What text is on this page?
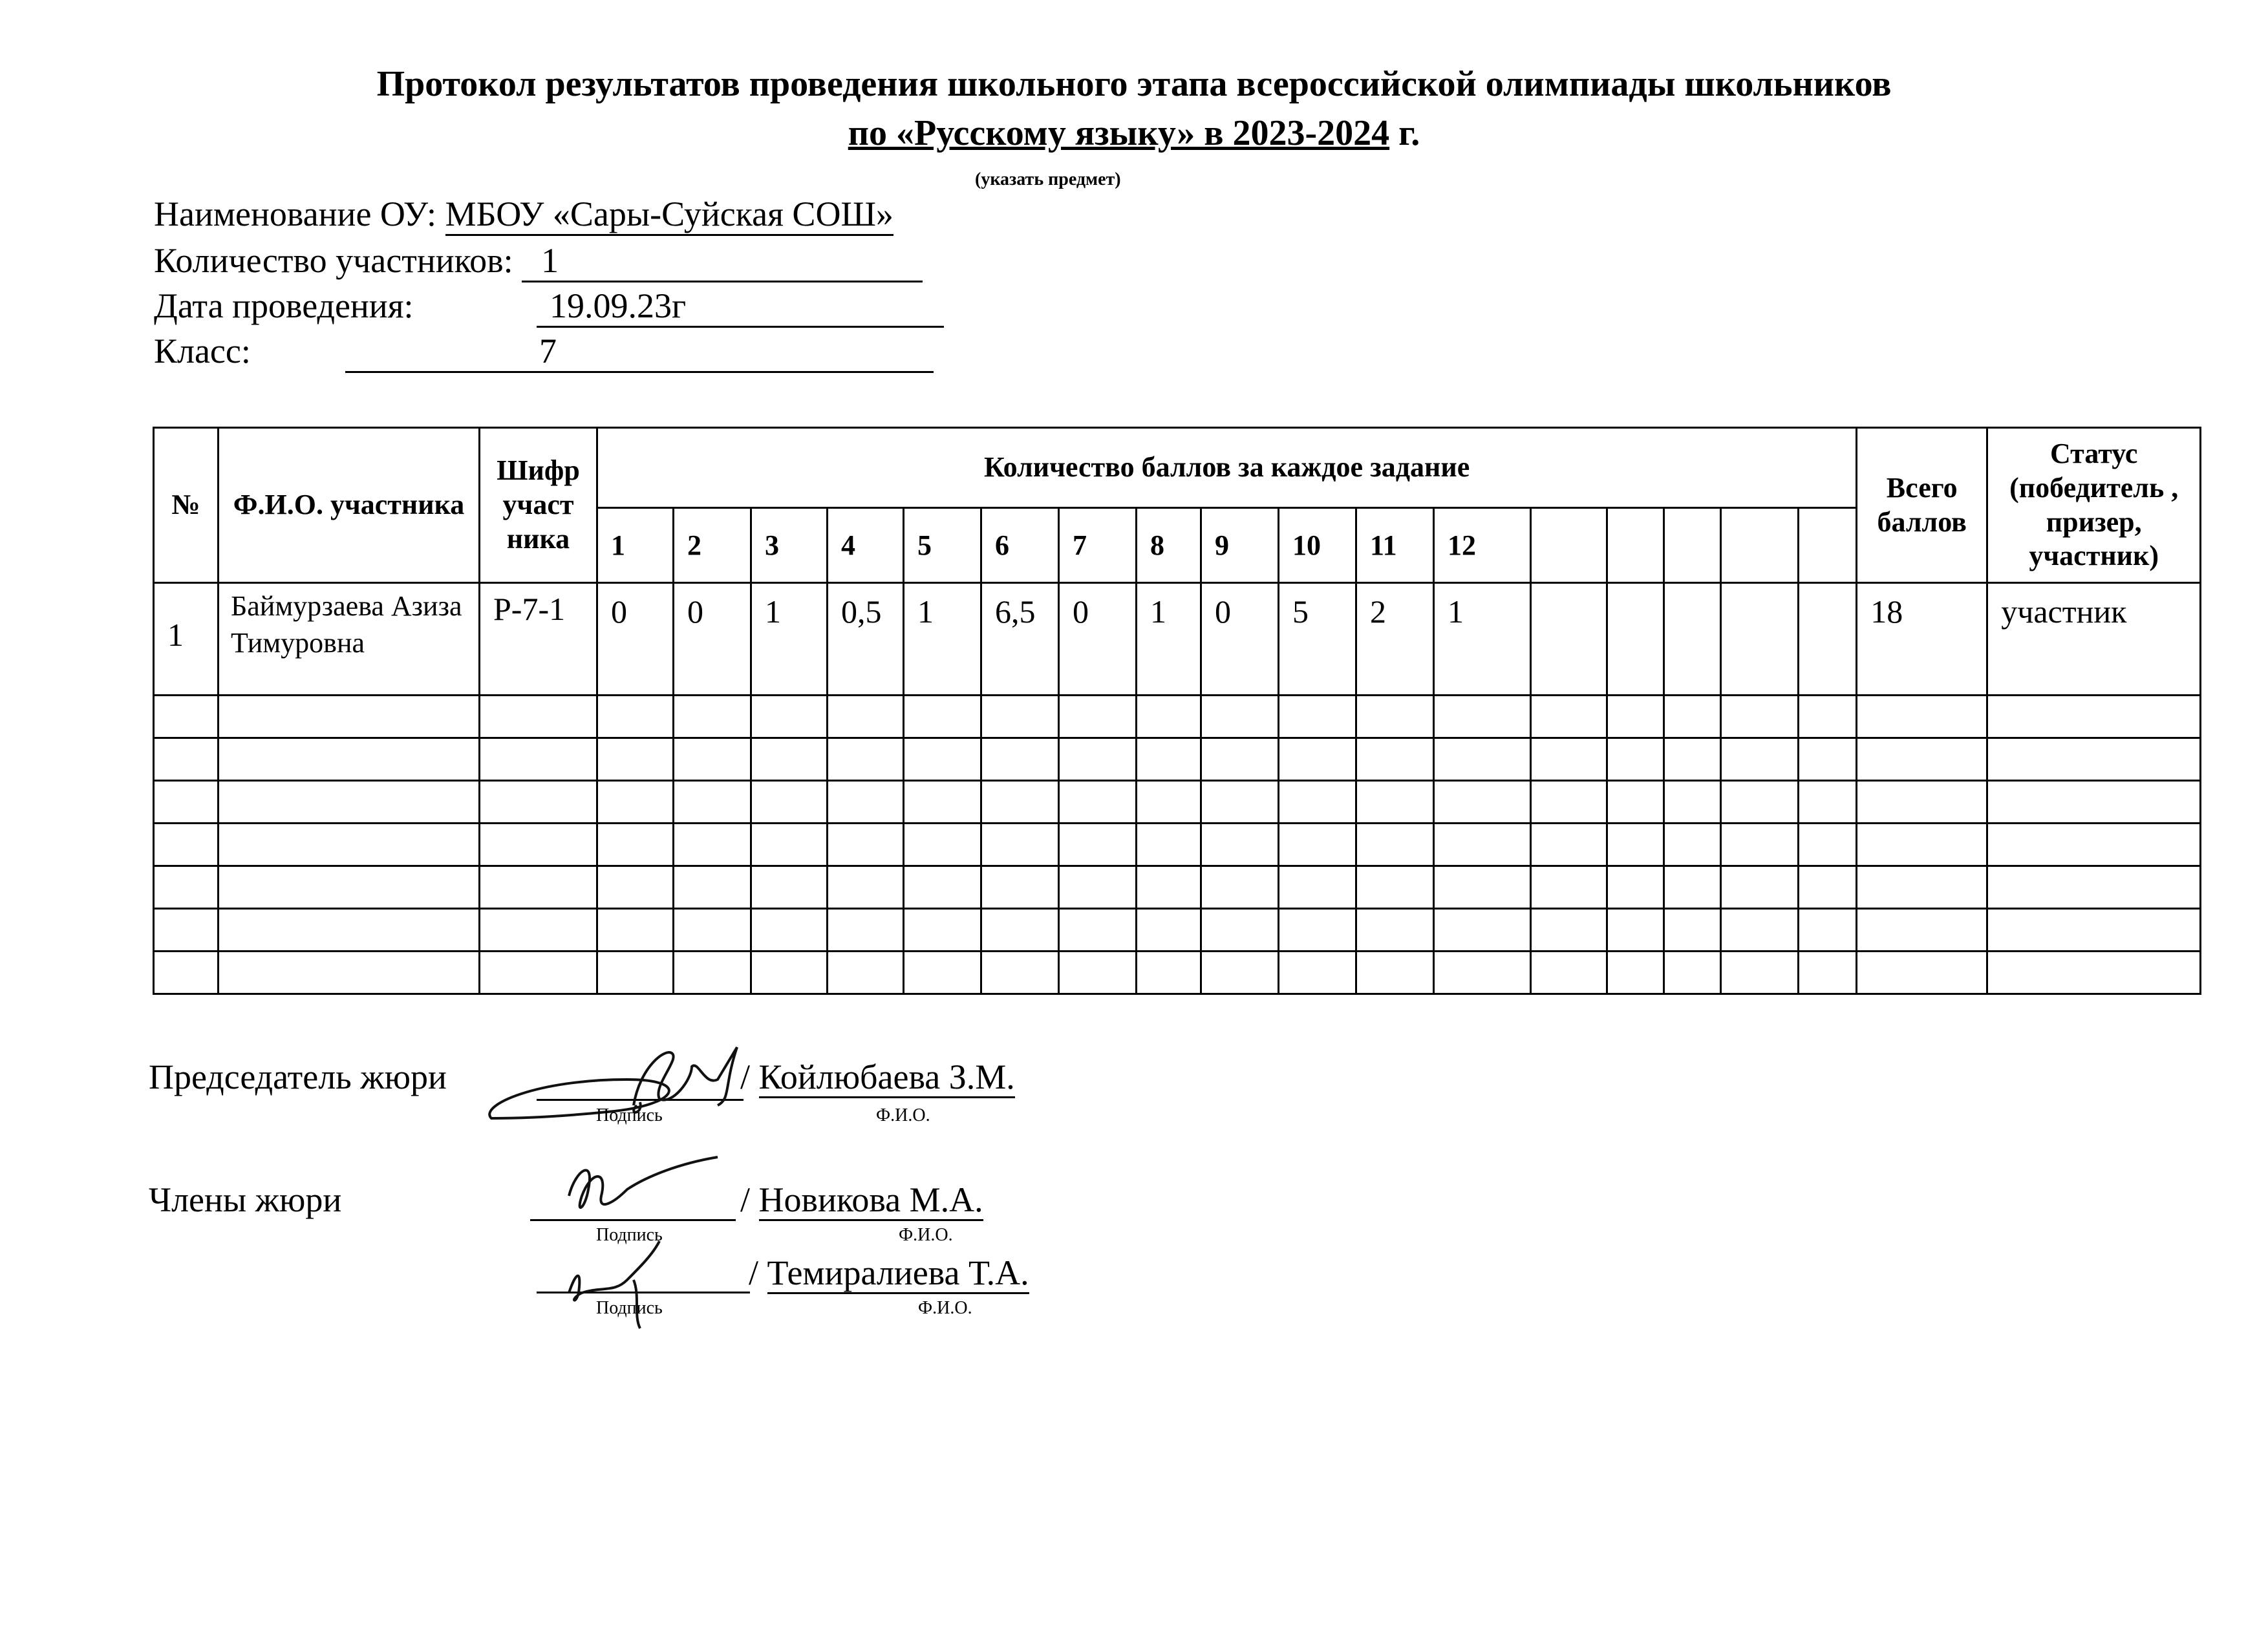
Протокол результатов проведения школьного этапа всероссийской олимпиады школьников
по «Русскому языку» в 2023-2024 г.
(указать предмет)
Наименование ОУ: МБОУ «Сары-Суйская СОШ»
Количество участников: 1
Дата проведения:	19.09.23г
Класс:	7
№	Ф.И.О. участника	Шифр участ ника	Количество баллов за каждое задание																	Всего баллов	Статус (победитель , призер, участник)
			1	2	3	4	5	6	7	8	9	10	11	12							
1	Баймурзаева Азиза Тимуровна	Р-7-1	0	0	1	0,5	1	6,5	0	1	0	5	2	1						18	участник

Председатель жюри	/ Койлюбаева З.М.
Подпись	Ф.И.О.
Члены жюри	/ Новикова М.А.
Подпись	Ф.И.О.
/ Темиралиева Т.А.
Подпись	Ф.И.О.
